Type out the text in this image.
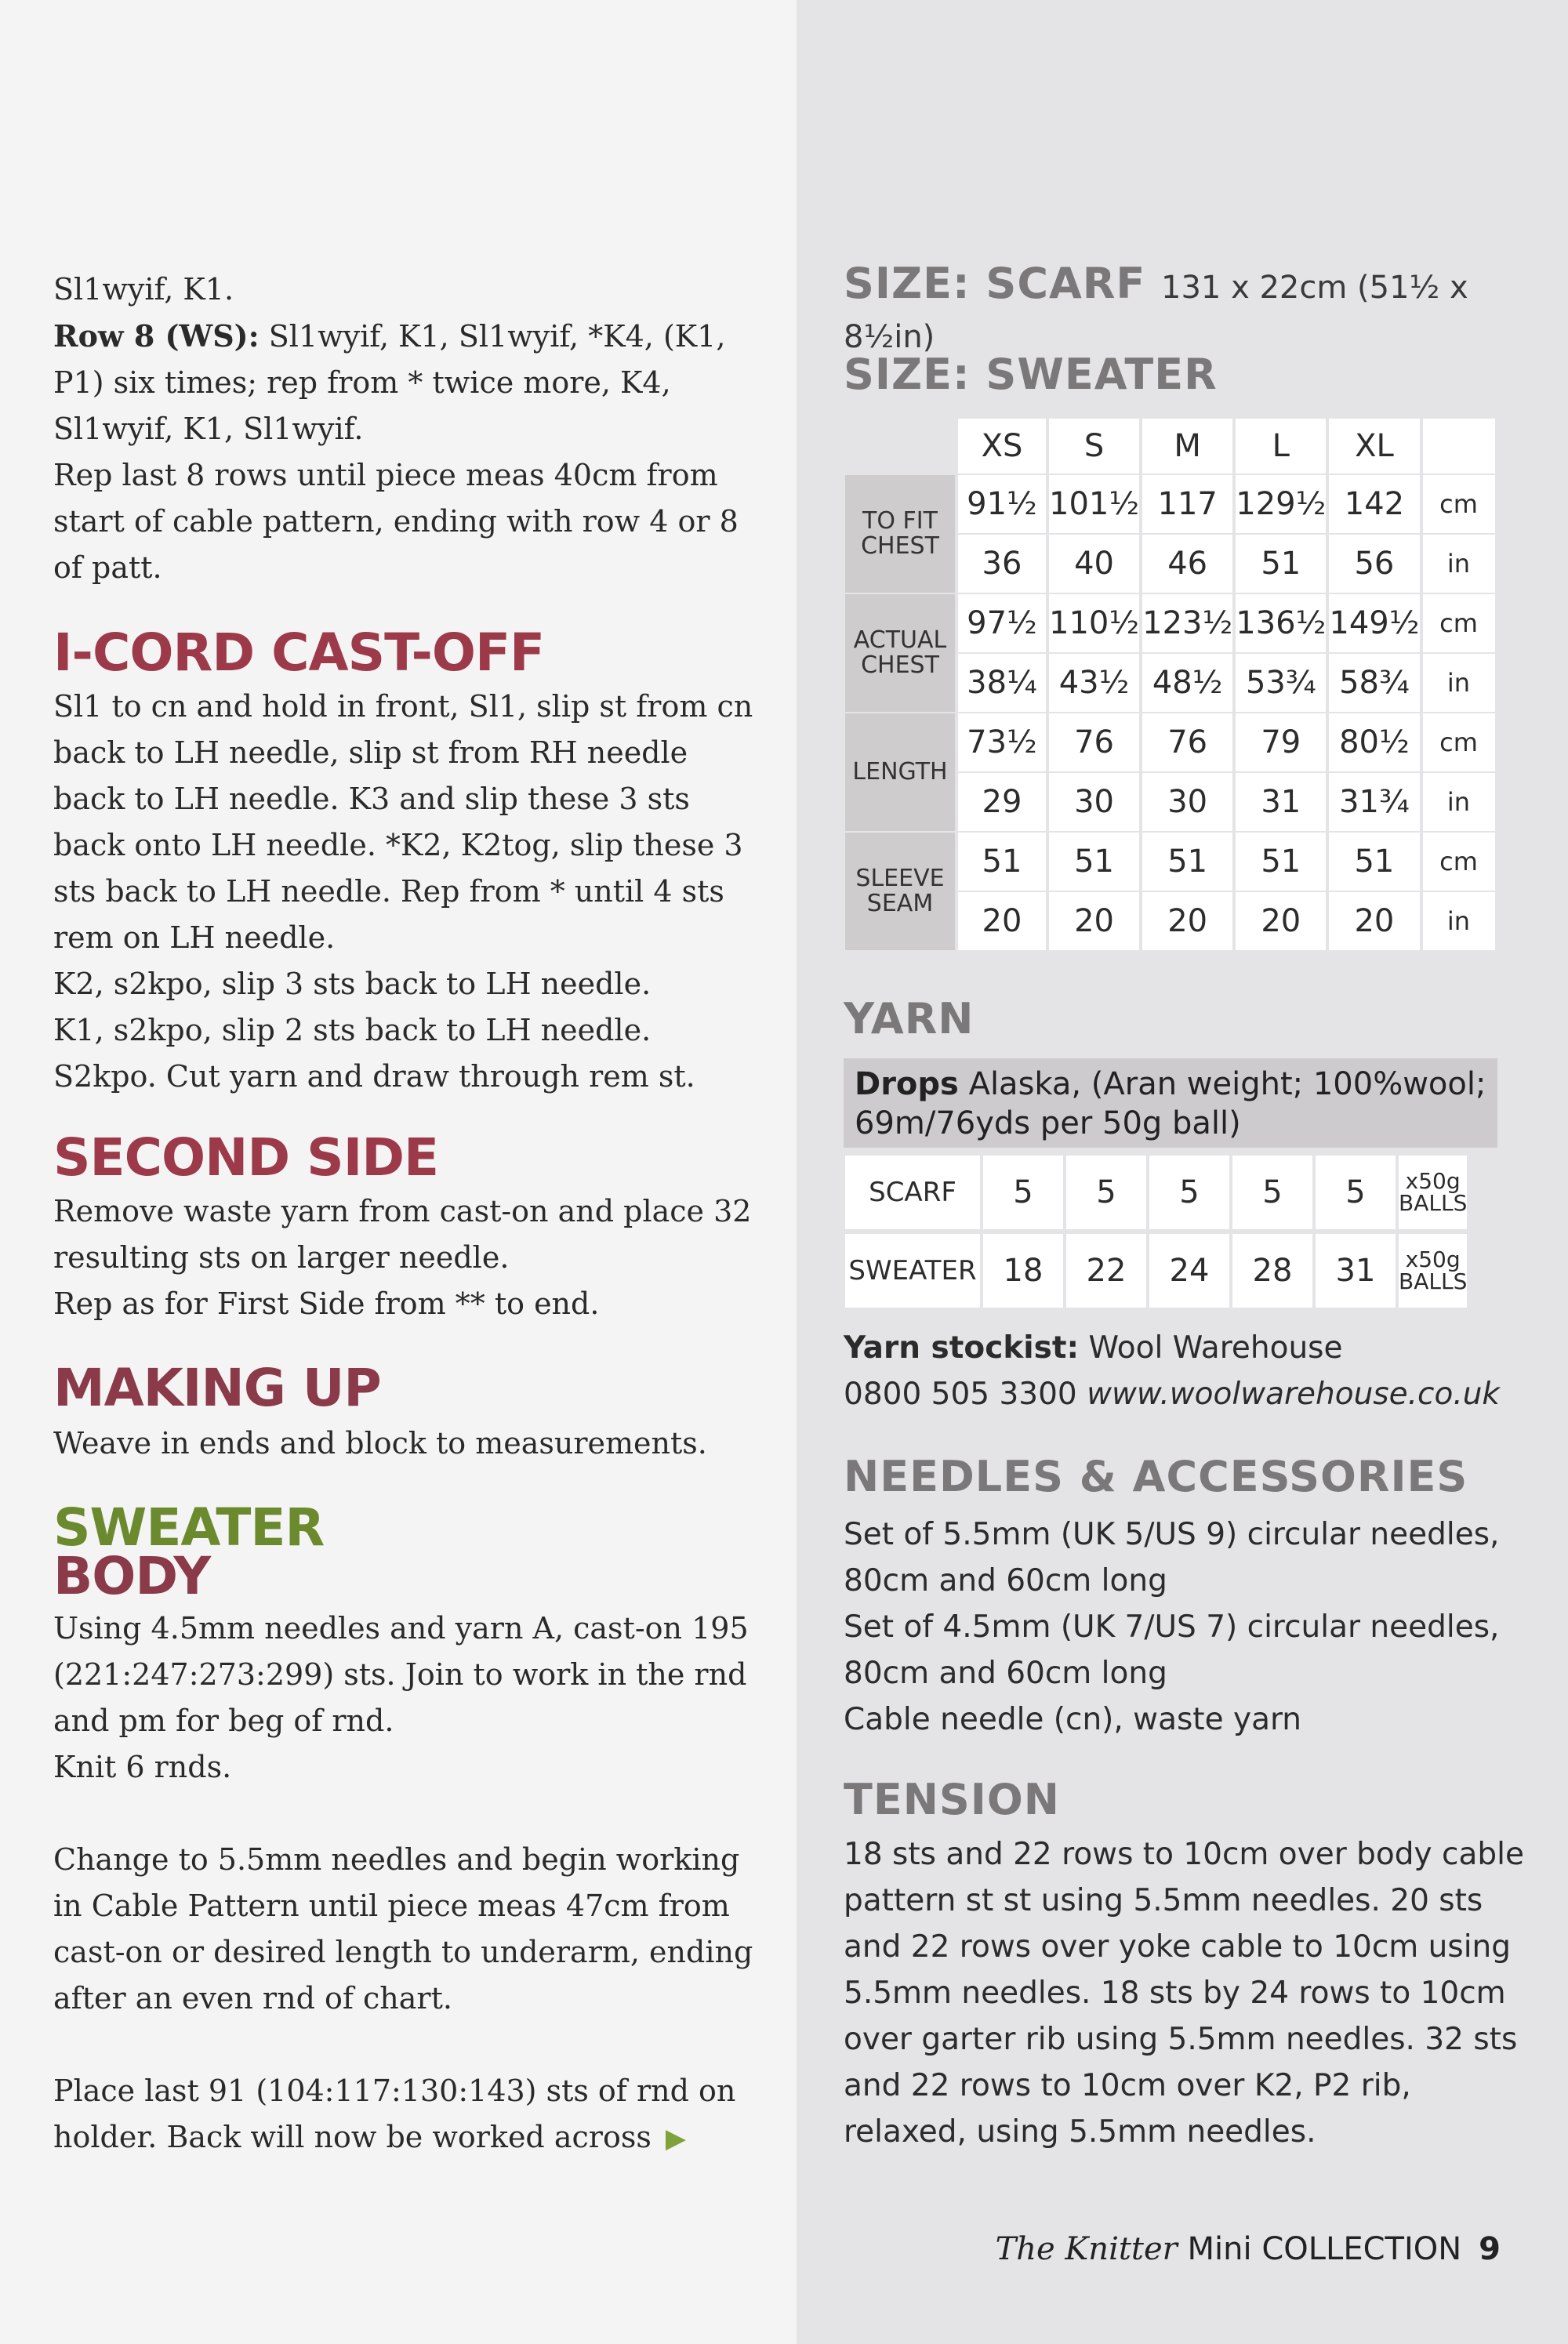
Sl1wyif, K1.

Row 8 (WS): Sl1wyif, K1, Sl1wyif, *K4, (K1, P1) six times; rep from * twice more, K4, Sl1wyif, K1, Sl1wyif.

Rep last 8 rows until piece meas 40cm from start of cable pattern, ending with row 4 or 8 of patt.

I-CORD CAST-OFF

Sl1 to cn and hold in front, Sl1, slip st from cn back to LH needle, slip st from RH needle back to LH needle. K3 and slip these 3 sts back onto LH needle. *K2, K2tog, slip these 3 sts back to LH needle. Rep from * until 4 sts rem on LH needle.

K2, s2kpo, slip 3 sts back to LH needle.

K1, s2kpo, slip 2 sts back to LH needle. S2kpo. Cut yarn and draw through rem st.

SECOND SIDE

Remove waste yarn from cast-on and place 32 resulting sts on larger needle.

Rep as for First Side from ** to end.

MAKING UP

Weave in ends and block to measurements.

SWEATER
BODY

Using 4.5mm needles and yarn A, cast-on 195 (221:247:273:299) sts. Join to work in the rnd and pm for beg of rnd.

Knit 6 rnds.

Change to 5.5mm needles and begin working in Cable Pattern until piece meas 47cm from cast-on or desired length to underarm, ending after an even rnd of chart.

Place last 91 (104:117:130:143) sts of rnd on holder. Back will now be worked across ▶

SIZE: SCARF 131 x 22cm (51½ x 8½in)
SIZE: SWEATER
	XS	S	M	L	XL	
TO FIT CHEST	91½	101½	117	129½	142	cm
	36	40	46	51	56	in
ACTUAL CHEST	97½	110½	123½	136½	149½	cm
	38¼	43½	48½	53¾	58¾	in
LENGTH	73½	76	76	79	80½	cm
	29	30	30	31	31¾	in
SLEEVE SEAM	51	51	51	51	51	cm
	20	20	20	20	20	in
YARN
Drops Alaska, (Aran weight; 100%wool; 69m/76yds per 50g ball)
SCARF	5	5	5	5	5	x50g BALLS
SWEATER	18	22	24	28	31	x50g BALLS

Yarn stockist: Wool Warehouse

0800 505 3300 www.woolwarehouse.co.uk

NEEDLES & ACCESSORIES

Set of 5.5mm (UK 5/US 9) circular needles, 80cm and 60cm long

Set of 4.5mm (UK 7/US 7) circular needles, 80cm and 60cm long

Cable needle (cn), waste yarn

TENSION

18 sts and 22 rows to 10cm over body cable pattern st st using 5.5mm needles. 20 sts and 22 rows over yoke cable to 10cm using 5.5mm needles. 18 sts by 24 rows to 10cm over garter rib using 5.5mm needles. 32 sts and 22 rows to 10cm over K2, P2 rib, relaxed, using 5.5mm needles.

The Knitter Mini COLLECTION 9
